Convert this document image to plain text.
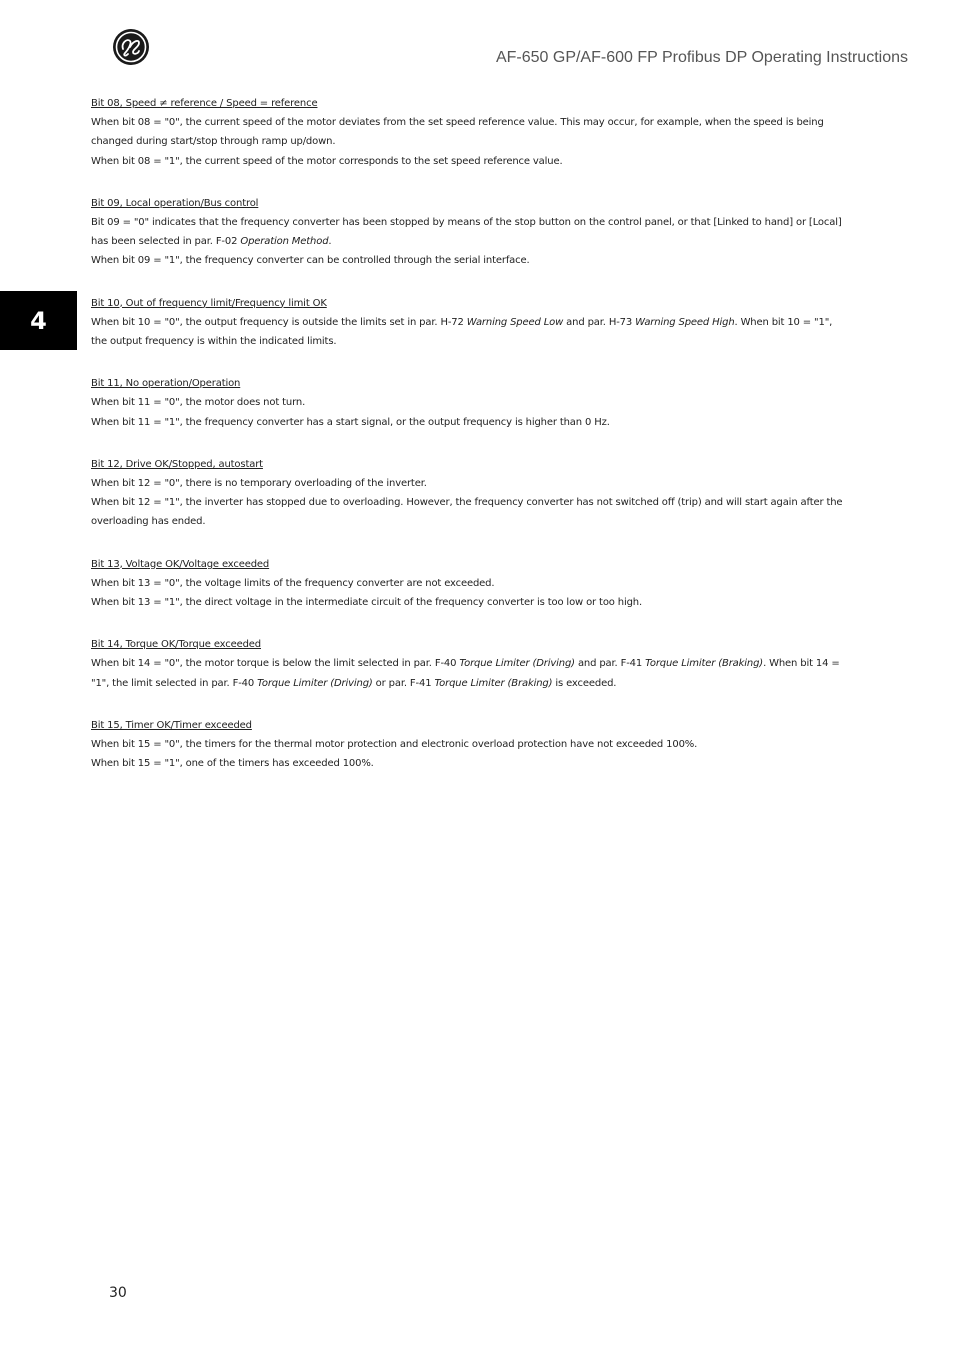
AF-650 GP/AF-600 FP Profibus DP Operating Instructions
4

Bit 08, Speed ≠ reference / Speed = reference

When bit 08 = "0", the current speed of the motor deviates from the set speed reference value. This may occur, for example, when the speed is being changed during start/stop through ramp up/down.

When bit 08 = "1", the current speed of the motor corresponds to the set speed reference value.

Bit 09, Local operation/Bus control

Bit 09 = "0" indicates that the frequency converter has been stopped by means of the stop button on the control panel, or that [Linked to hand] or [Local] has been selected in par. F-02 Operation Method.

When bit 09 = "1", the frequency converter can be controlled through the serial interface.

Bit 10, Out of frequency limit/Frequency limit OK

When bit 10 = "0", the output frequency is outside the limits set in par. H-72 Warning Speed Low and par. H-73 Warning Speed High. When bit 10 = "1", the output frequency is within the indicated limits.

Bit 11, No operation/Operation

When bit 11 = "0", the motor does not turn.

When bit 11 = "1", the frequency converter has a start signal, or the output frequency is higher than 0 Hz.

Bit 12, Drive OK/Stopped, autostart

When bit 12 = "0", there is no temporary overloading of the inverter.

When bit 12 = "1", the inverter has stopped due to overloading. However, the frequency converter has not switched off (trip) and will start again after the overloading has ended.

Bit 13, Voltage OK/Voltage exceeded

When bit 13 = "0", the voltage limits of the frequency converter are not exceeded.

When bit 13 = "1", the direct voltage in the intermediate circuit of the frequency converter is too low or too high.

Bit 14, Torque OK/Torque exceeded

When bit 14 = "0", the motor torque is below the limit selected in par. F-40 Torque Limiter (Driving) and par. F-41 Torque Limiter (Braking). When bit 14 = "1", the limit selected in par. F-40 Torque Limiter (Driving) or par. F-41 Torque Limiter (Braking) is exceeded.

Bit 15, Timer OK/Timer exceeded

When bit 15 = "0", the timers for the thermal motor protection and electronic overload protection have not exceeded 100%.

When bit 15 = "1", one of the timers has exceeded 100%.

30
